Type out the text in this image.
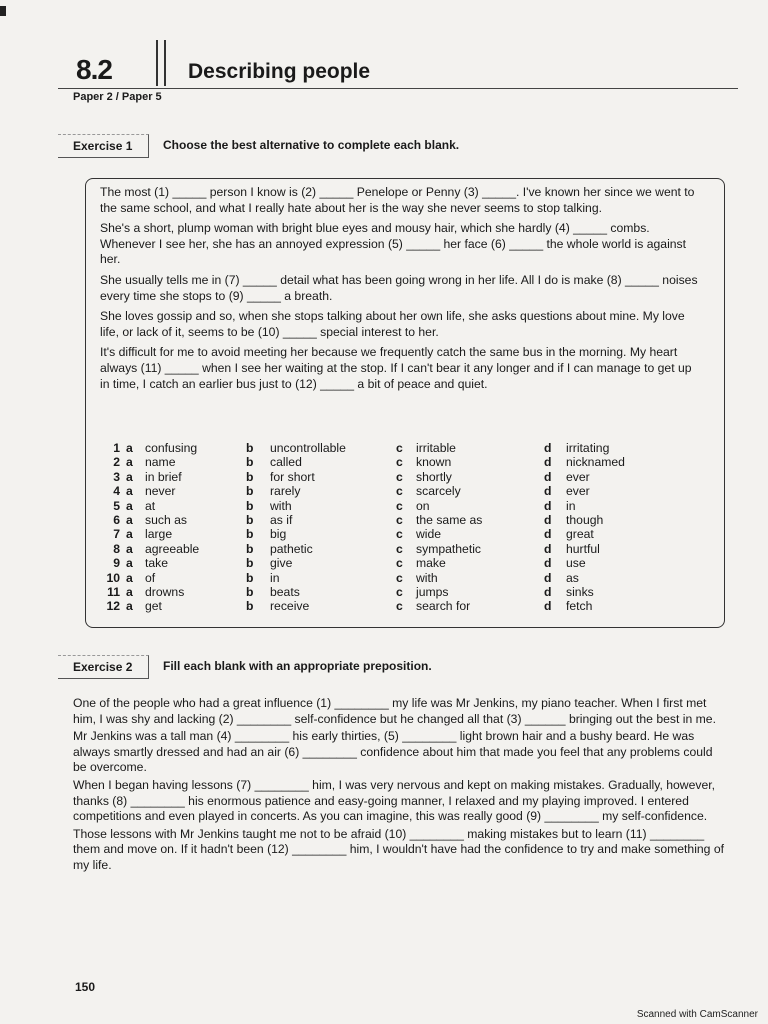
8.2	Describing people
Paper 2 / Paper 5
Exercise 1	Choose the best alternative to complete each blank.

The most (1) _____ person I know is (2) _____ Penelope or Penny (3) _____. I've known her since we went to the same school, and what I really hate about her is the way she never seems to stop talking.

She's a short, plump woman with bright blue eyes and mousy hair, which she hardly (4) _____ combs. Whenever I see her, she has an annoyed expression (5) _____ her face (6) _____ the whole world is against her.

She usually tells me in (7) _____ detail what has been going wrong in her life. All I do is make (8) _____ noises every time she stops to (9) _____ a breath.

She loves gossip and so, when she stops talking about her own life, she asks questions about mine. My love life, or lack of it, seems to be (10) _____ special interest to her.

It's difficult for me to avoid meeting her because we frequently catch the same bus in the morning. My heart always (11) _____ when I see her waiting at the stop. If I can't bear it any longer and if I can manage to get up in time, I catch an earlier bus just to (12) _____ a bit of peace and quiet.

1 a confusing	b uncontrollable	c irritable	d irritating
2 a name	b called	c known	d nicknamed
3 a in brief	b for short	c shortly	d ever
4 a never	b rarely	c scarcely	d ever
5 a at	b with	c on	d in
6 a such as	b as if	c the same as	d though
7 a large	b big	c wide	d great
8 a agreeable	b pathetic	c sympathetic	d hurtful
9 a take	b give	c make	d use
10 a of	b in	c with	d as
11 a drowns	b beats	c jumps	d sinks
12 a get	b receive	c search for	d fetch
Exercise 2	Fill each blank with an appropriate preposition.

One of the people who had a great influence (1) ________ my life was Mr Jenkins, my piano teacher. When I first met him, I was shy and lacking (2) ________ self-confidence but he changed all that (3) ______ bringing out the best in me.

Mr Jenkins was a tall man (4) ________ his early thirties, (5) ________ light brown hair and a bushy beard. He was always smartly dressed and had an air (6) ________ confidence about him that made you feel that any problems could be overcome.

When I began having lessons (7) ________ him, I was very nervous and kept on making mistakes. Gradually, however, thanks (8) ________ his enormous patience and easy-going manner, I relaxed and my playing improved. I entered competitions and even played in concerts. As you can imagine, this was really good (9) ________ my self-confidence.

Those lessons with Mr Jenkins taught me not to be afraid (10) ________ making mistakes but to learn (11) ________ them and move on. If it hadn't been (12) ________ him, I wouldn't have had the confidence to try and make something of my life.

150
Scanned with CamScanner
